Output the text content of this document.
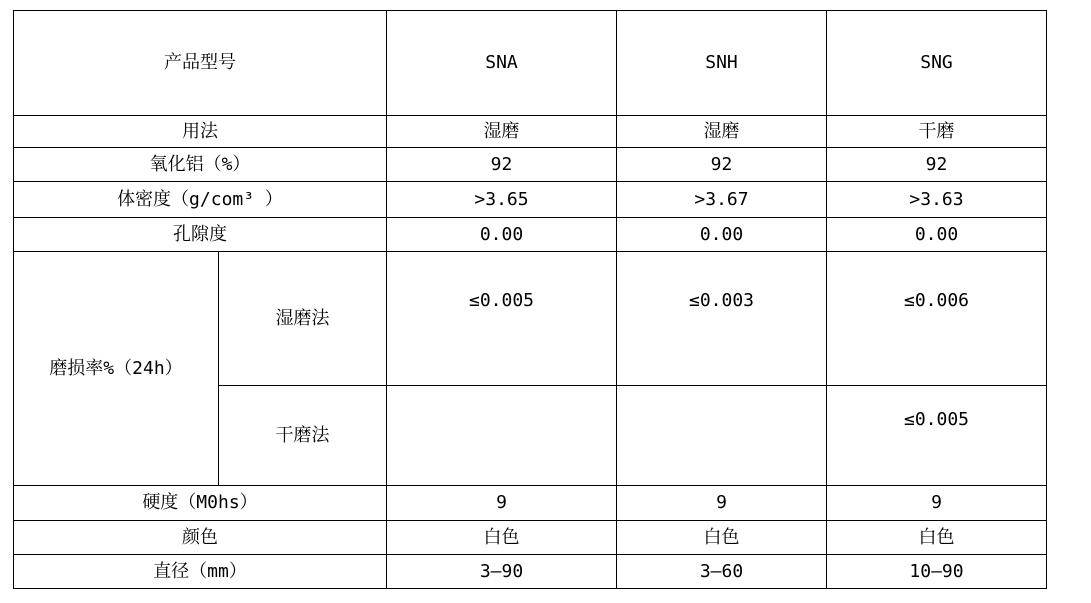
产品型号		SNA	SNH	SNG
用法		湿磨	湿磨	干磨
氧化铝（%）		92	92	92
体密度（g/com³ ）		>3.65	>3.67	>3.63
孔隙度		0.00	0.00	0.00
磨损率%（24h）	湿磨法	≤0.005	≤0.003	≤0.006
	干磨法			≤0.005
硬度（M0hs）		9	9	9
颜色		白色	白色	白色
直径（mm）		3—90	3—60	10—90
